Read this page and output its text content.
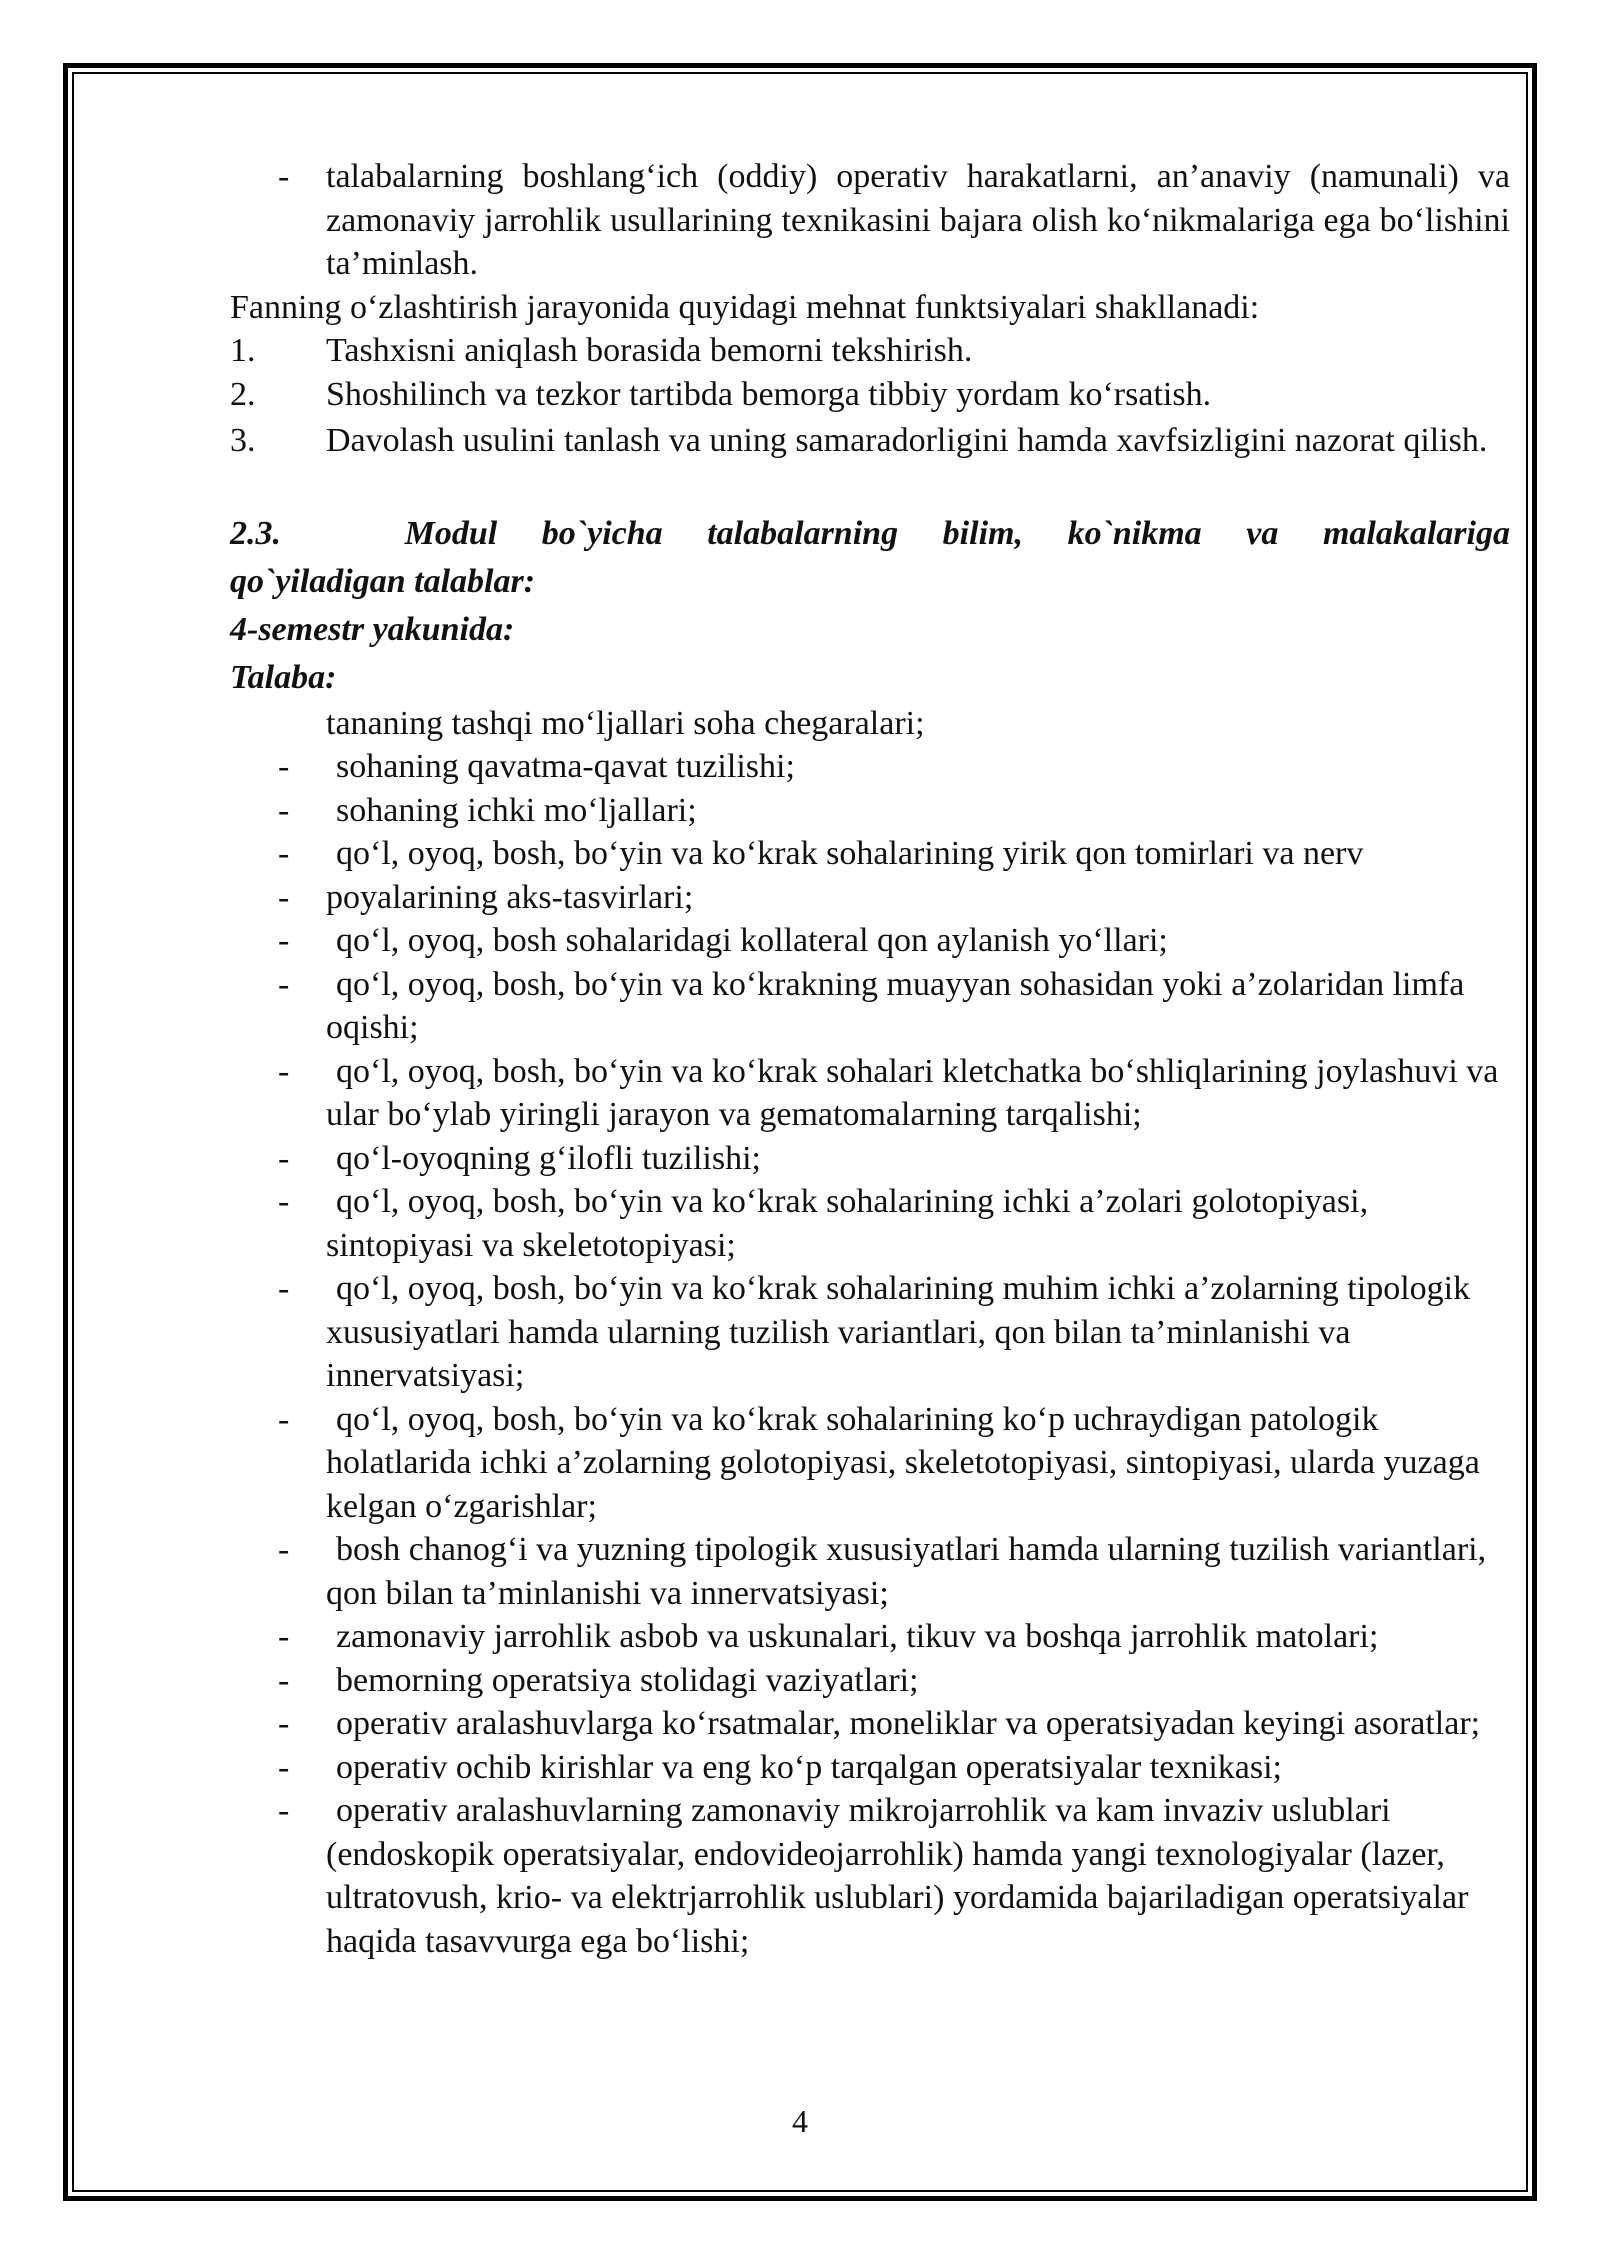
-	talabalarning boshlang‘ich (oddiy) operativ harakatlarni, an’anaviy (namunali) va zamonaviy jarrohlik usullarining texnikasini bajara olish ko‘nikmalariga ega bo‘lishini ta’minlash.
Fanning o‘zlashtirish jarayonida quyidagi mehnat funktsiyalari shakllanadi:
1.	Tashxisni aniqlash borasida bemorni tekshirish.
2.	Shoshilinch va tezkor tartibda bemorga tibbiy yordam ko‘rsatish.
3.	Davolash usulini tanlash va uning samaradorligini hamda xavfsizligini nazorat qilish.
2.3.	Modul bo`yicha talabalarning bilim, ko`nikma va malakalariga
qo`yiladigan talablar:
4-semestr yakunida:
Talaba:
tananing tashqi mo‘ljallari soha chegaralari;
-	sohaning qavatma-qavat tuzilishi;
-	sohaning ichki mo‘ljallari;
-	qo‘l, oyoq, bosh, bo‘yin va ko‘krak sohalarining yirik qon tomirlari va nerv
-	poyalarining aks-tasvirlari;
-	qo‘l, oyoq, bosh sohalaridagi kollateral qon aylanish yo‘llari;
-	qo‘l, oyoq, bosh, bo‘yin va ko‘krakning muayyan sohasidan yoki a’zolaridan limfa oqishi;
-	qo‘l, oyoq, bosh, bo‘yin va ko‘krak sohalari kletchatka bo‘shliqlarining joylashuvi va ular bo‘ylab yiringli jarayon va gematomalarning tarqalishi;
-	qo‘l-oyoqning g‘ilofli tuzilishi;
-	qo‘l, oyoq, bosh, bo‘yin va ko‘krak sohalarining ichki a’zolari golotopiyasi, sintopiyasi va skeletotopiyasi;
-	qo‘l, oyoq, bosh, bo‘yin va ko‘krak sohalarining muhim ichki a’zolarning tipologik xususiyatlari hamda ularning tuzilish variantlari, qon bilan ta’minlanishi va innervatsiyasi;
-	qo‘l, oyoq, bosh, bo‘yin va ko‘krak sohalarining ko‘p uchraydigan patologik holatlarida ichki a’zolarning golotopiyasi, skeletotopiyasi, sintopiyasi, ularda yuzaga kelgan o‘zgarishlar;
-	bosh chanog‘i va yuzning tipologik xususiyatlari hamda ularning tuzilish variantlari, qon bilan ta’minlanishi va innervatsiyasi;
-	zamonaviy jarrohlik asbob va uskunalari, tikuv va boshqa jarrohlik matolari;
-	bemorning operatsiya stolidagi vaziyatlari;
-	operativ aralashuvlarga ko‘rsatmalar, moneliklar va operatsiyadan keyingi asoratlar;
-	operativ ochib kirishlar va eng ko‘p tarqalgan operatsiyalar texnikasi;
-	operativ aralashuvlarning zamonaviy mikrojarrohlik va kam invaziv uslublari (endoskopik operatsiyalar, endovideojarrohlik) hamda yangi texnologiyalar (lazer, ultratovush, krio- va elektrjarrohlik uslublari) yordamida bajariladigan operatsiyalar haqida tasavvurga ega bo‘lishi;
4
